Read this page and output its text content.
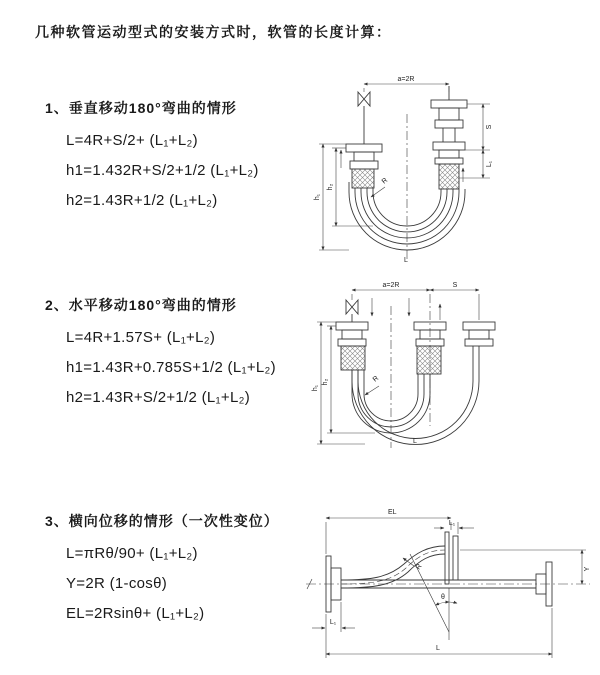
几种软管运动型式的安装方式时，软管的长度计算：
1、垂直移动180°弯曲的情形
L=4R+S/2+ (L₁+L₂)
h1=1.432R+S/2+1/2 (L₁+L₂)
h2=1.43R+1/2 (L₁+L₂)
2、水平移动180°弯曲的情形
L=4R+1.57S+ (L₁+L₂)
h1=1.43R+0.785S+1/2 (L₁+L₂)
h2=1.43R+S/2+1/2 (L₁+L₂)
3、横向位移的情形（一次性变位）
L=πRθ/90+ (L₁+L₂)
Y=2R (1-cosθ)
EL=2Rsinθ+ (L₁+L₂)
a=2R
S
L₁
h₁
h₂
R
L
a=2R	S
h₁
h₂	R
L
EL
L₁
Y
R
θ
L
L₁
